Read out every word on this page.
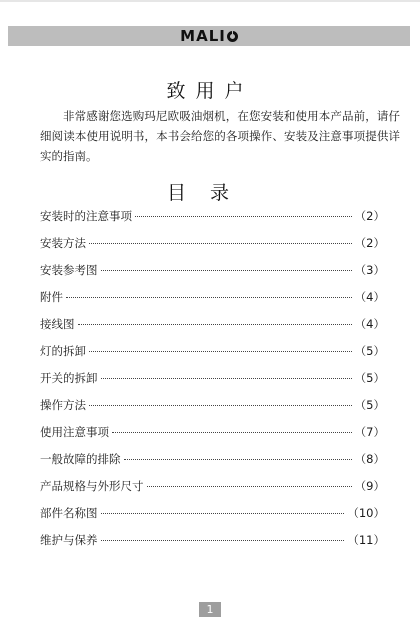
MALI
致用户

非常感谢您选购玛尼欧吸油烟机，在您安装和使用本产品前，请仔细阅读本使用说明书，本书会给您的各项操作、安装及注意事项提供详实的指南。

目录
安装时的注意事项	（2）
安装方法	（2）
安装参考图	（3）
附件	（4）
接线图	（4）
灯的拆卸	（5）
开关的拆卸	（5）
操作方法	（5）
使用注意事项	（7）
一般故障的排除	（8）
产品规格与外形尺寸	（9）
部件名称图	（10）
维护与保养	（11）
1
